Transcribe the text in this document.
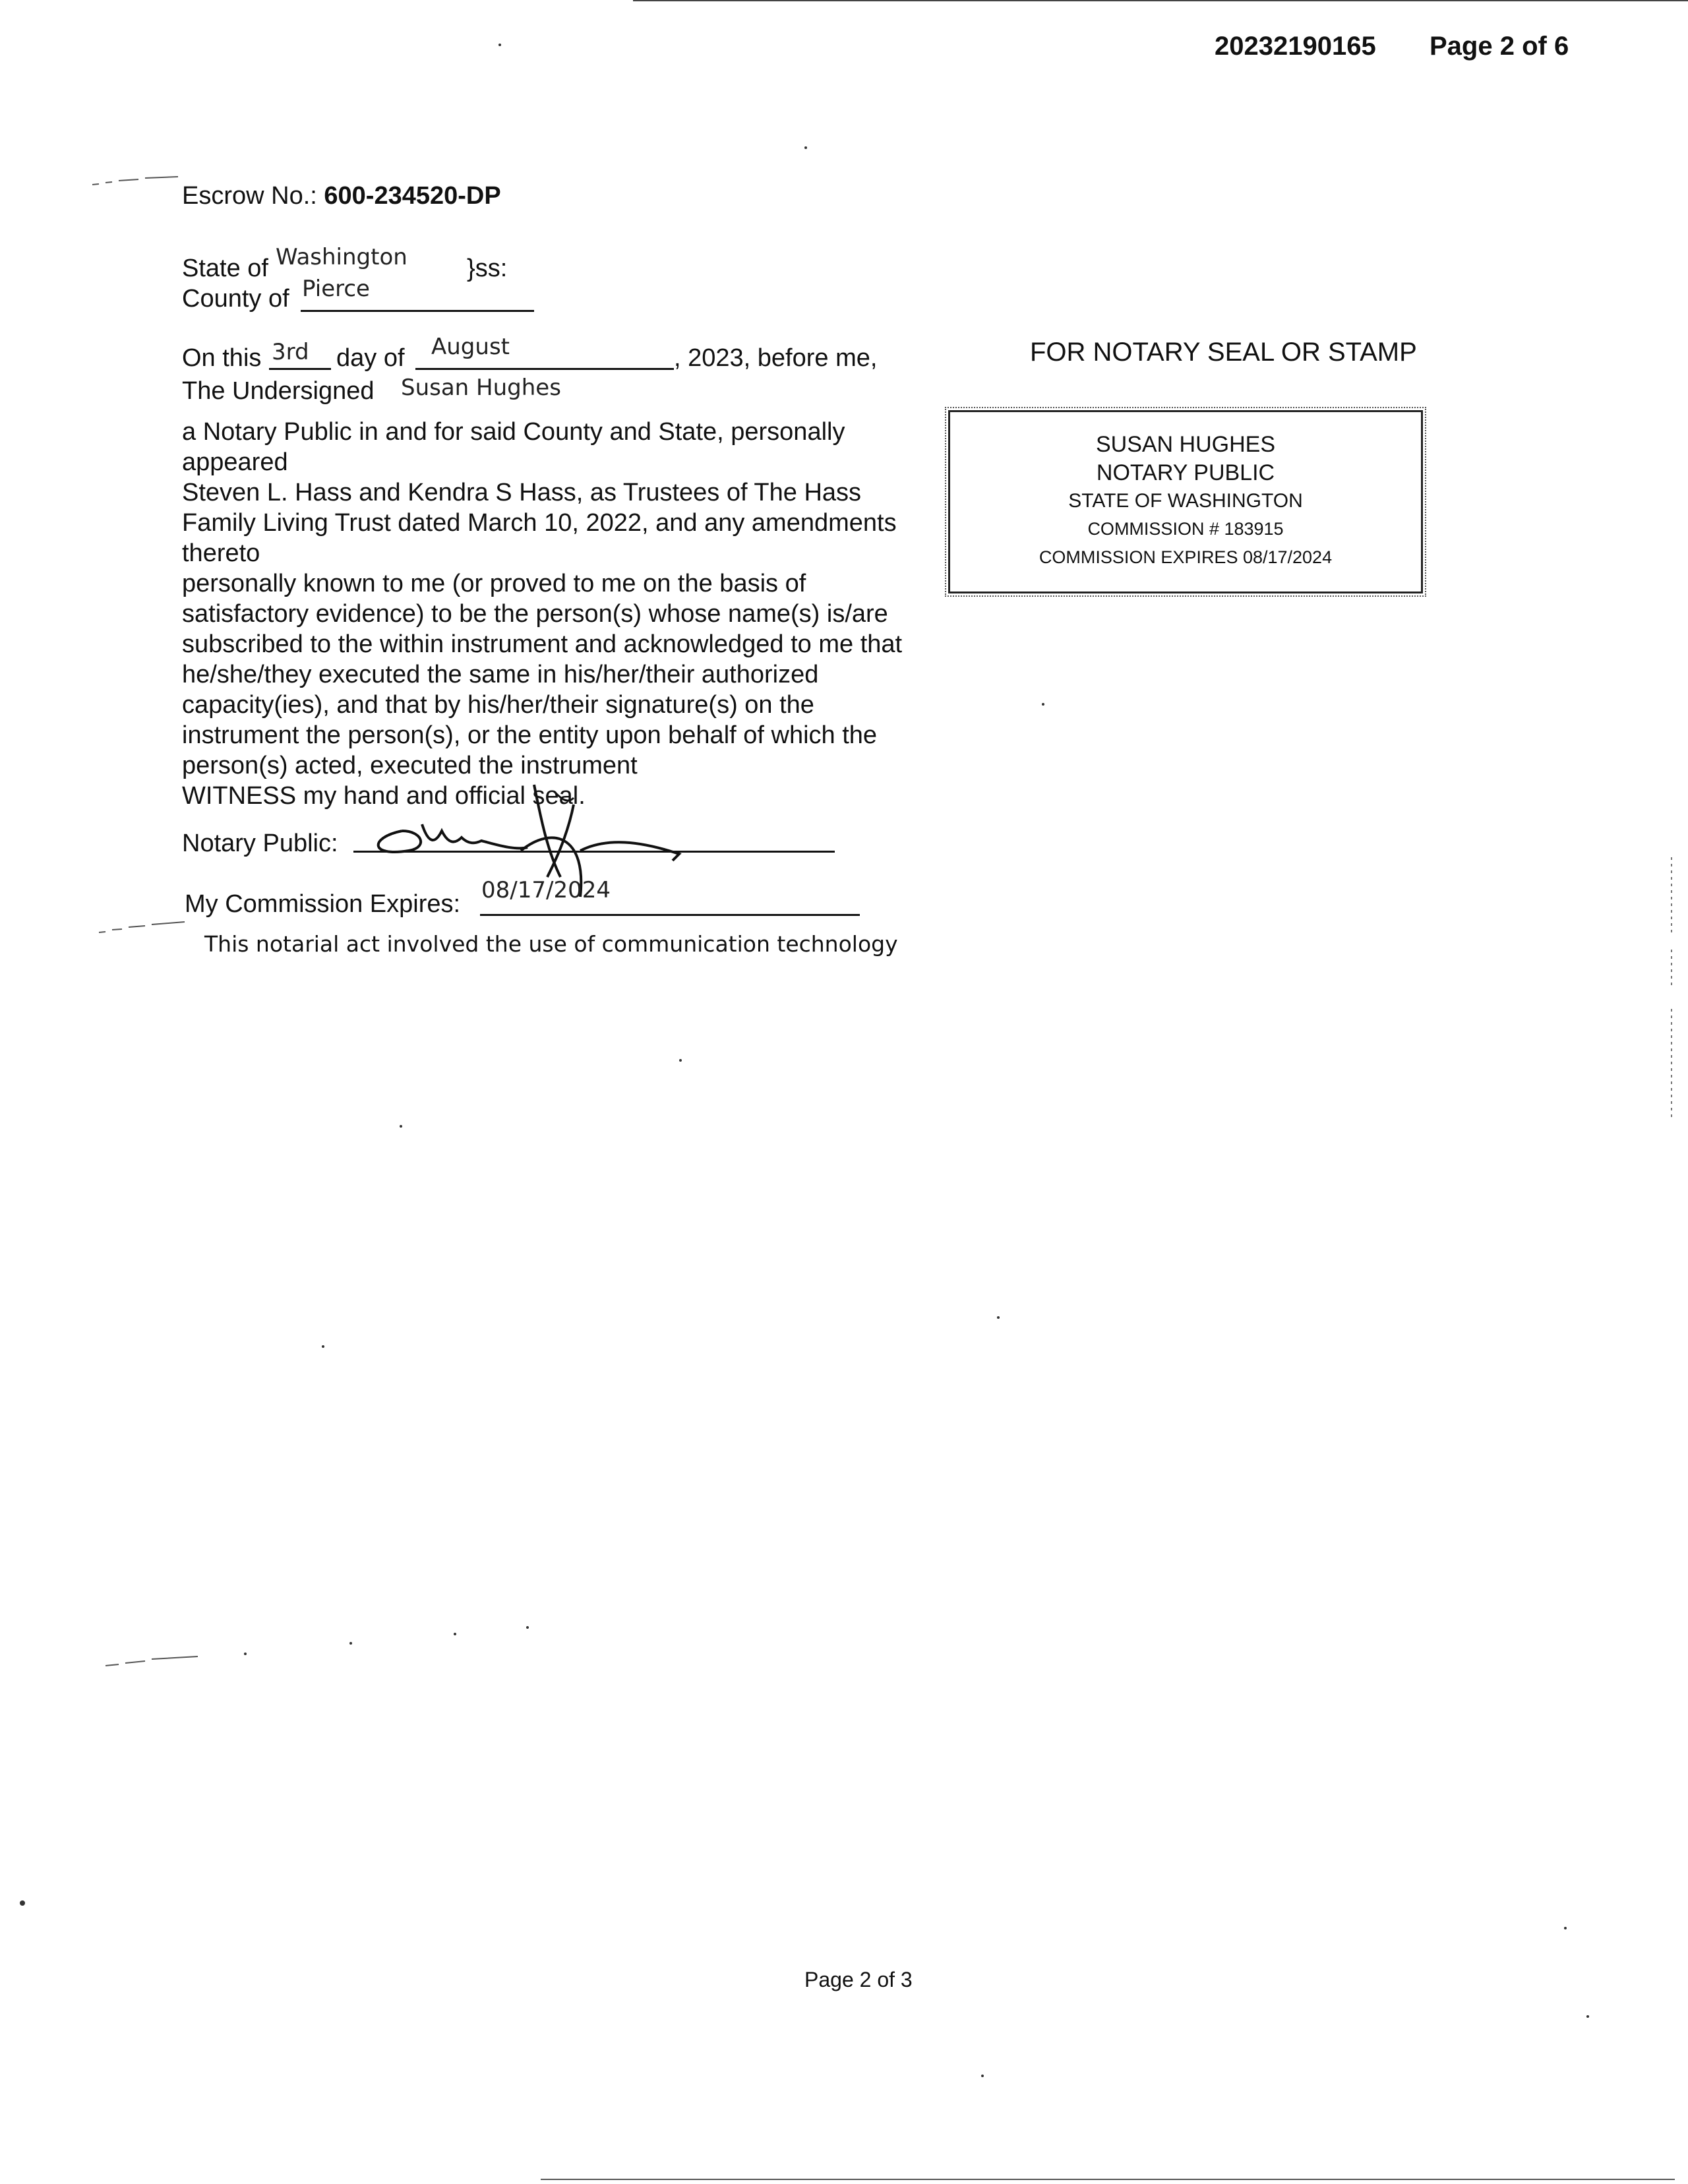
20232190165 Page 2 of 6
Escrow No.: 600-234520-DP
State of Washington }ss:
County of Pierce
On this 3rd day of August	, 2023, before me,
The Undersigned Susan Hughes
a Notary Public in and for said County and State, personally
appeared
Steven L. Hass and Kendra S Hass, as Trustees of The Hass
Family Living Trust dated March 10, 2022, and any amendments
thereto
personally known to me (or proved to me on the basis of
satisfactory evidence) to be the person(s) whose name(s) is/are
subscribed to the within instrument and acknowledged to me that
he/she/they executed the same in his/her/their authorized
capacity(ies), and that by his/her/their signature(s) on the
instrument the person(s), or the entity upon behalf of which the
person(s) acted, executed the instrument
WITNESS my hand and official seal.
Notary Public:
My Commission Expires: 08/17/2024
This notarial act involved the use of communication technology
FOR NOTARY SEAL OR STAMP
SUSAN HUGHES
NOTARY PUBLIC
STATE OF WASHINGTON
COMMISSION # 183915
COMMISSION EXPIRES 08/17/2024
Page 2 of 3
